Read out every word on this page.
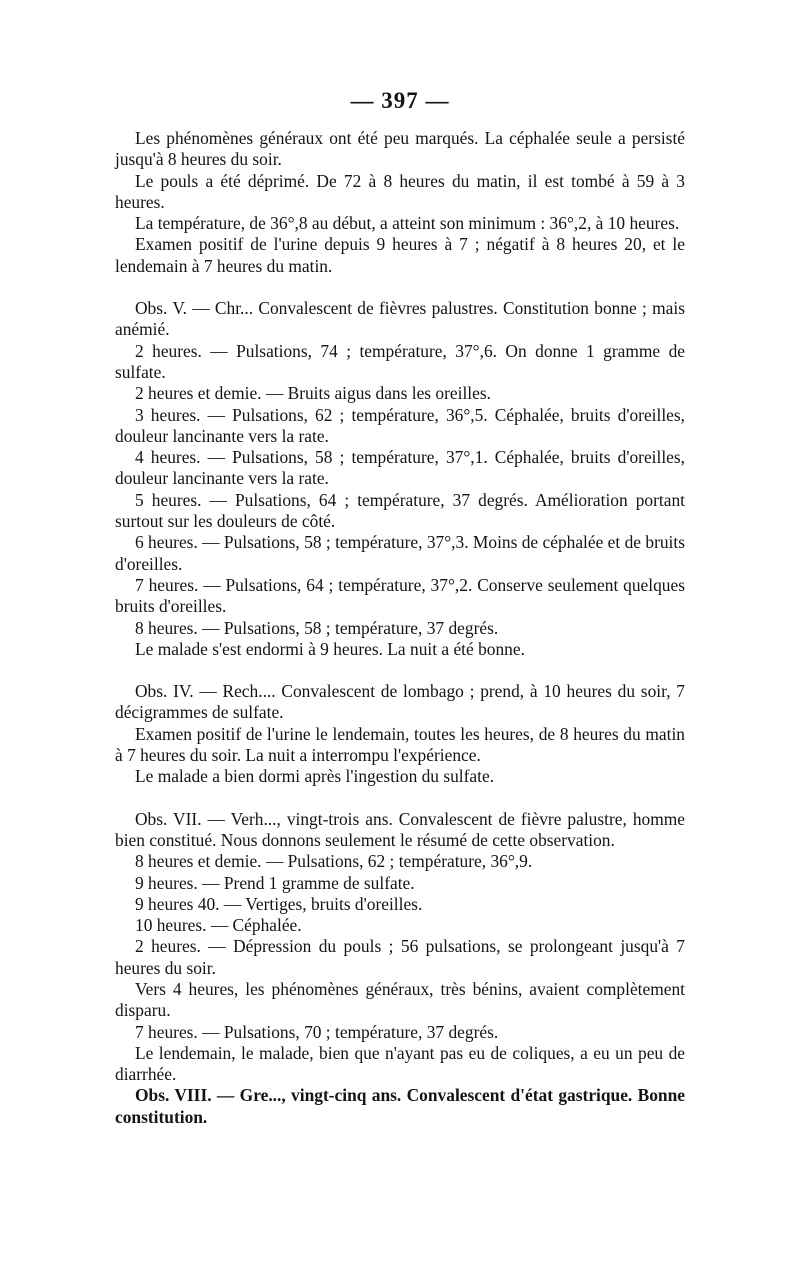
— 397 —

Les phénomènes généraux ont été peu marqués. La céphalée seule a persisté jusqu'à 8 heures du soir.

Le pouls a été déprimé. De 72 à 8 heures du matin, il est tombé à 59 à 3 heures.

La température, de 36°,8 au début, a atteint son minimum : 36°,2, à 10 heures.

Examen positif de l'urine depuis 9 heures à 7 ; négatif à 8 heures 20, et le lendemain à 7 heures du matin.

Obs. V. — Chr... Convalescent de fièvres palustres. Constitution bonne ; mais anémié.

2 heures. — Pulsations, 74 ; température, 37°,6. On donne 1 gramme de sulfate.

2 heures et demie. — Bruits aigus dans les oreilles.

3 heures. — Pulsations, 62 ; température, 36°,5. Céphalée, bruits d'oreilles, douleur lancinante vers la rate.

4 heures. — Pulsations, 58 ; température, 37°,1. Céphalée, bruits d'oreilles, douleur lancinante vers la rate.

5 heures. — Pulsations, 64 ; température, 37 degrés. Amélioration portant surtout sur les douleurs de côté.

6 heures. — Pulsations, 58 ; température, 37°,3. Moins de céphalée et de bruits d'oreilles.

7 heures. — Pulsations, 64 ; température, 37°,2. Conserve seulement quelques bruits d'oreilles.

8 heures. — Pulsations, 58 ; température, 37 degrés.

Le malade s'est endormi à 9 heures. La nuit a été bonne.

Obs. IV. — Rech.... Convalescent de lombago ; prend, à 10 heures du soir, 7 décigrammes de sulfate.

Examen positif de l'urine le lendemain, toutes les heures, de 8 heures du matin à 7 heures du soir. La nuit a interrompu l'expérience.

Le malade a bien dormi après l'ingestion du sulfate.

Obs. VII. — Verh..., vingt-trois ans. Convalescent de fièvre palustre, homme bien constitué. Nous donnons seulement le résumé de cette observation.

8 heures et demie. — Pulsations, 62 ; température, 36°,9.

9 heures. — Prend 1 gramme de sulfate.

9 heures 40. — Vertiges, bruits d'oreilles.

10 heures. — Céphalée.

2 heures. — Dépression du pouls ; 56 pulsations, se prolongeant jusqu'à 7 heures du soir.

Vers 4 heures, les phénomènes généraux, très bénins, avaient complètement disparu.

7 heures. — Pulsations, 70 ; température, 37 degrés.

Le lendemain, le malade, bien que n'ayant pas eu de coliques, a eu un peu de diarrhée.

Obs. VIII. — Gre..., vingt-cinq ans. Convalescent d'état gastrique. Bonne constitution.
